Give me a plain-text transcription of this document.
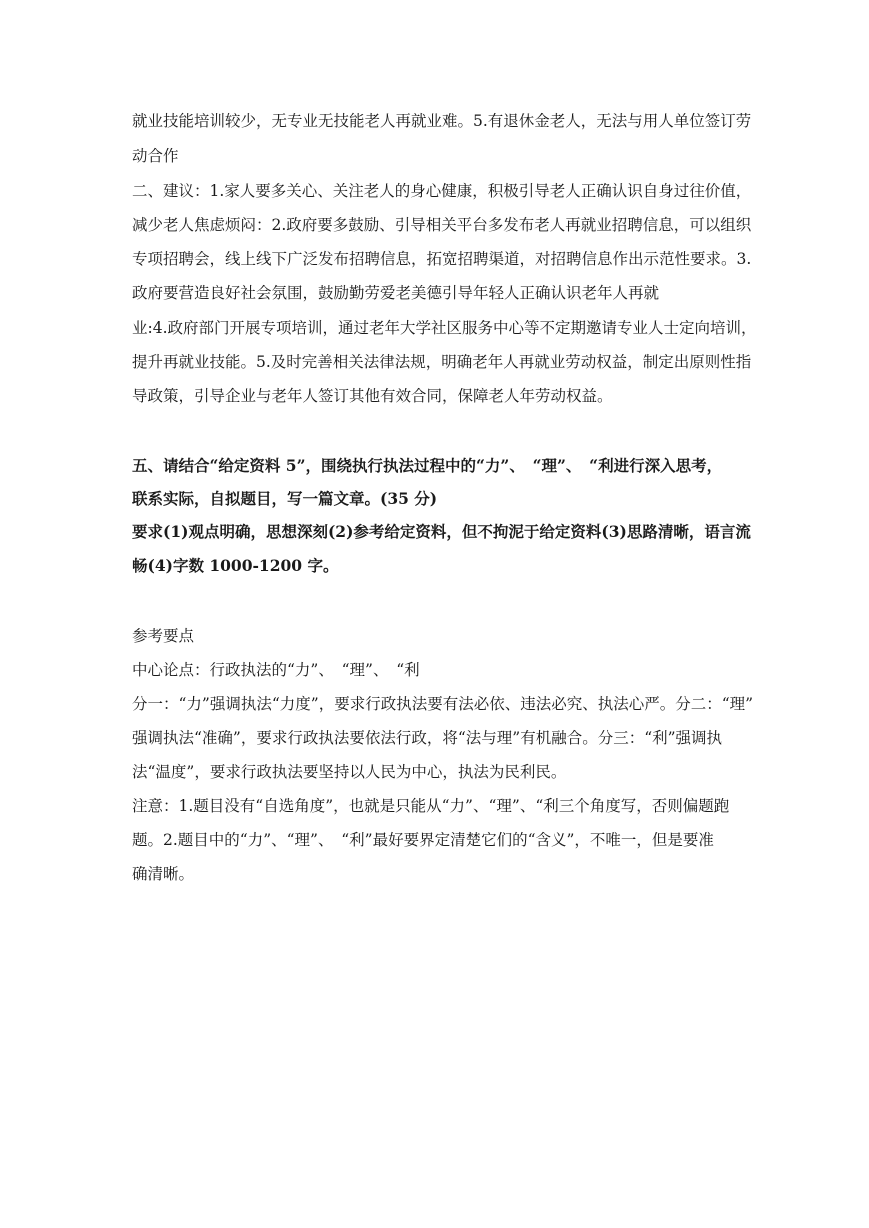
就业技能培训较少，无专业无技能老人再就业难。5.有退休金老人，无法与用人单位签订劳
动合作
二、建议：1.家人要多关心、关注老人的身心健康，积极引导老人正确认识自身过往价值，
减少老人焦虑烦闷：2.政府要多鼓励、引导相关平台多发布老人再就业招聘信息，可以组织
专项招聘会，线上线下广泛发布招聘信息，拓宽招聘渠道，对招聘信息作出示范性要求。3.
政府要营造良好社会氛围，鼓励勤劳爱老美德引导年轻人正确认识老年人再就
业:4.政府部门开展专项培训，通过老年大学社区服务中心等不定期邀请专业人士定向培训，
提升再就业技能。5.及时完善相关法律法规，明确老年人再就业劳动权益，制定出原则性指
导政策，引导企业与老年人签订其他有效合同，保障老人年劳动权益。
五、请结合“给定资料 5”，围绕执行执法过程中的“力”、　“理”、　“利进行深入思考，
联系实际，自拟题目，写一篇文章。(35 分)
要求(1)观点明确，思想深刻(2)参考给定资料，但不拘泥于给定资料(3)思路清晰，语言流
畅(4)字数 1000-1200 字。
参考要点
中心论点：行政执法的“力”、　“理”、　“利
分一：“力”强调执法“力度”，要求行政执法要有法必依、违法必究、执法心严。分二：“理”
强调执法“准确”，要求行政执法要依法行政，将“法与理”有机融合。分三：“利”强调执
法“温度”，要求行政执法要坚持以人民为中心，执法为民利民。
注意：1.题目没有“自选角度”，也就是只能从“力”、“理”、“利三个角度写，否则偏题跑
题。2.题目中的“力”、“理”、　“利”最好要界定清楚它们的“含义”，不唯一，但是要准
确清晰。
